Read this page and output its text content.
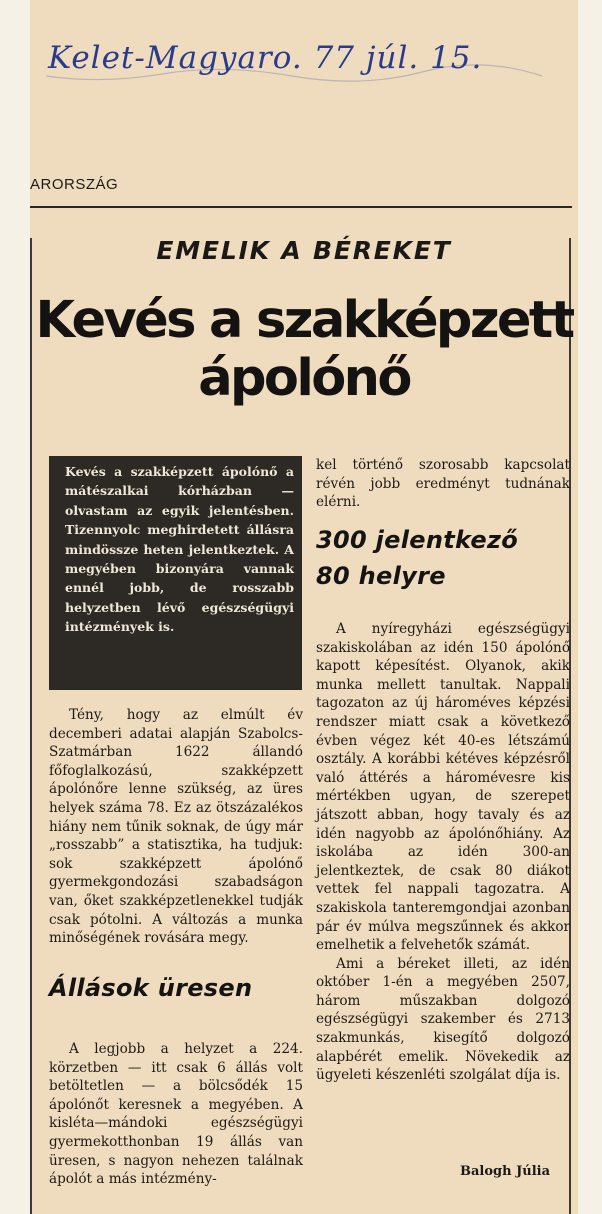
Kelet-Magyaro. 77 júl. 15.
ARORSZÁG
EMELIK A BÉREKET
Kevés a szakképzett
ápolónő
Kevés a szakképzett ápolónő a mátészalkai kórházban — olvastam az egyik jelentésben. Tizennyolc meghirdetett állásra mindössze heten jelentkeztek. A megyében bizonyára vannak ennél jobb, de rosszabb helyzetben lévő egészségügyi intézmények is.

Tény, hogy az elmúlt év decemberi adatai alapján Szabolcs-Szatmárban 1622 állandó főfoglalkozású, szakképzett ápolónőre lenne szükség, az üres helyek száma 78. Ez az ötszázalékos hiány nem tűnik soknak, de úgy már „rosszabb” a statisztika, ha tudjuk: sok szakképzett ápolónő gyermekgondozási szabadságon van, őket szakképzetlenekkel tudják csak pótolni. A változás a munka minőségének rovására megy.

Állások üresen

A legjobb a helyzet a 224. körzetben — itt csak 6 állás volt betöltetlen — a bölcsődék 15 ápolónőt keresnek a megyében. A kisléta—mándoki egészségügyi gyermekotthonban 19 állás van üresen, s nagyon nehezen találnak ápolót a más intézmény-

kel történő szorosabb kapcsolat révén jobb eredményt tudnának elérni.

300 jelentkező
80 helyre

A nyíregyházi egészségügyi szakiskolában az idén 150 ápolónő kapott képesítést. Olyanok, akik munka mellett tanultak. Nappali tagozaton az új hároméves képzési rendszer miatt csak a következő évben végez két 40-es létszámú osztály. A korábbi kétéves képzésről való áttérés a háromévesre kis mértékben ugyan, de szerepet játszott abban, hogy tavaly és az idén nagyobb az ápolónőhiány. Az iskolába az idén 300-an jelentkeztek, de csak 80 diákot vettek fel nappali tagozatra. A szakiskola tanteremgondjai azonban pár év múlva megszűnnek és akkor emelhetik a felvehetők számát.

Ami a béreket illeti, az idén október 1-én a megyében 2507, három műszakban dolgozó egészségügyi szakember és 2713 szakmunkás, kisegítő dolgozó alapbérét emelik. Növekedik az ügyeleti készenléti szolgálat díja is.

Balogh Júlia
